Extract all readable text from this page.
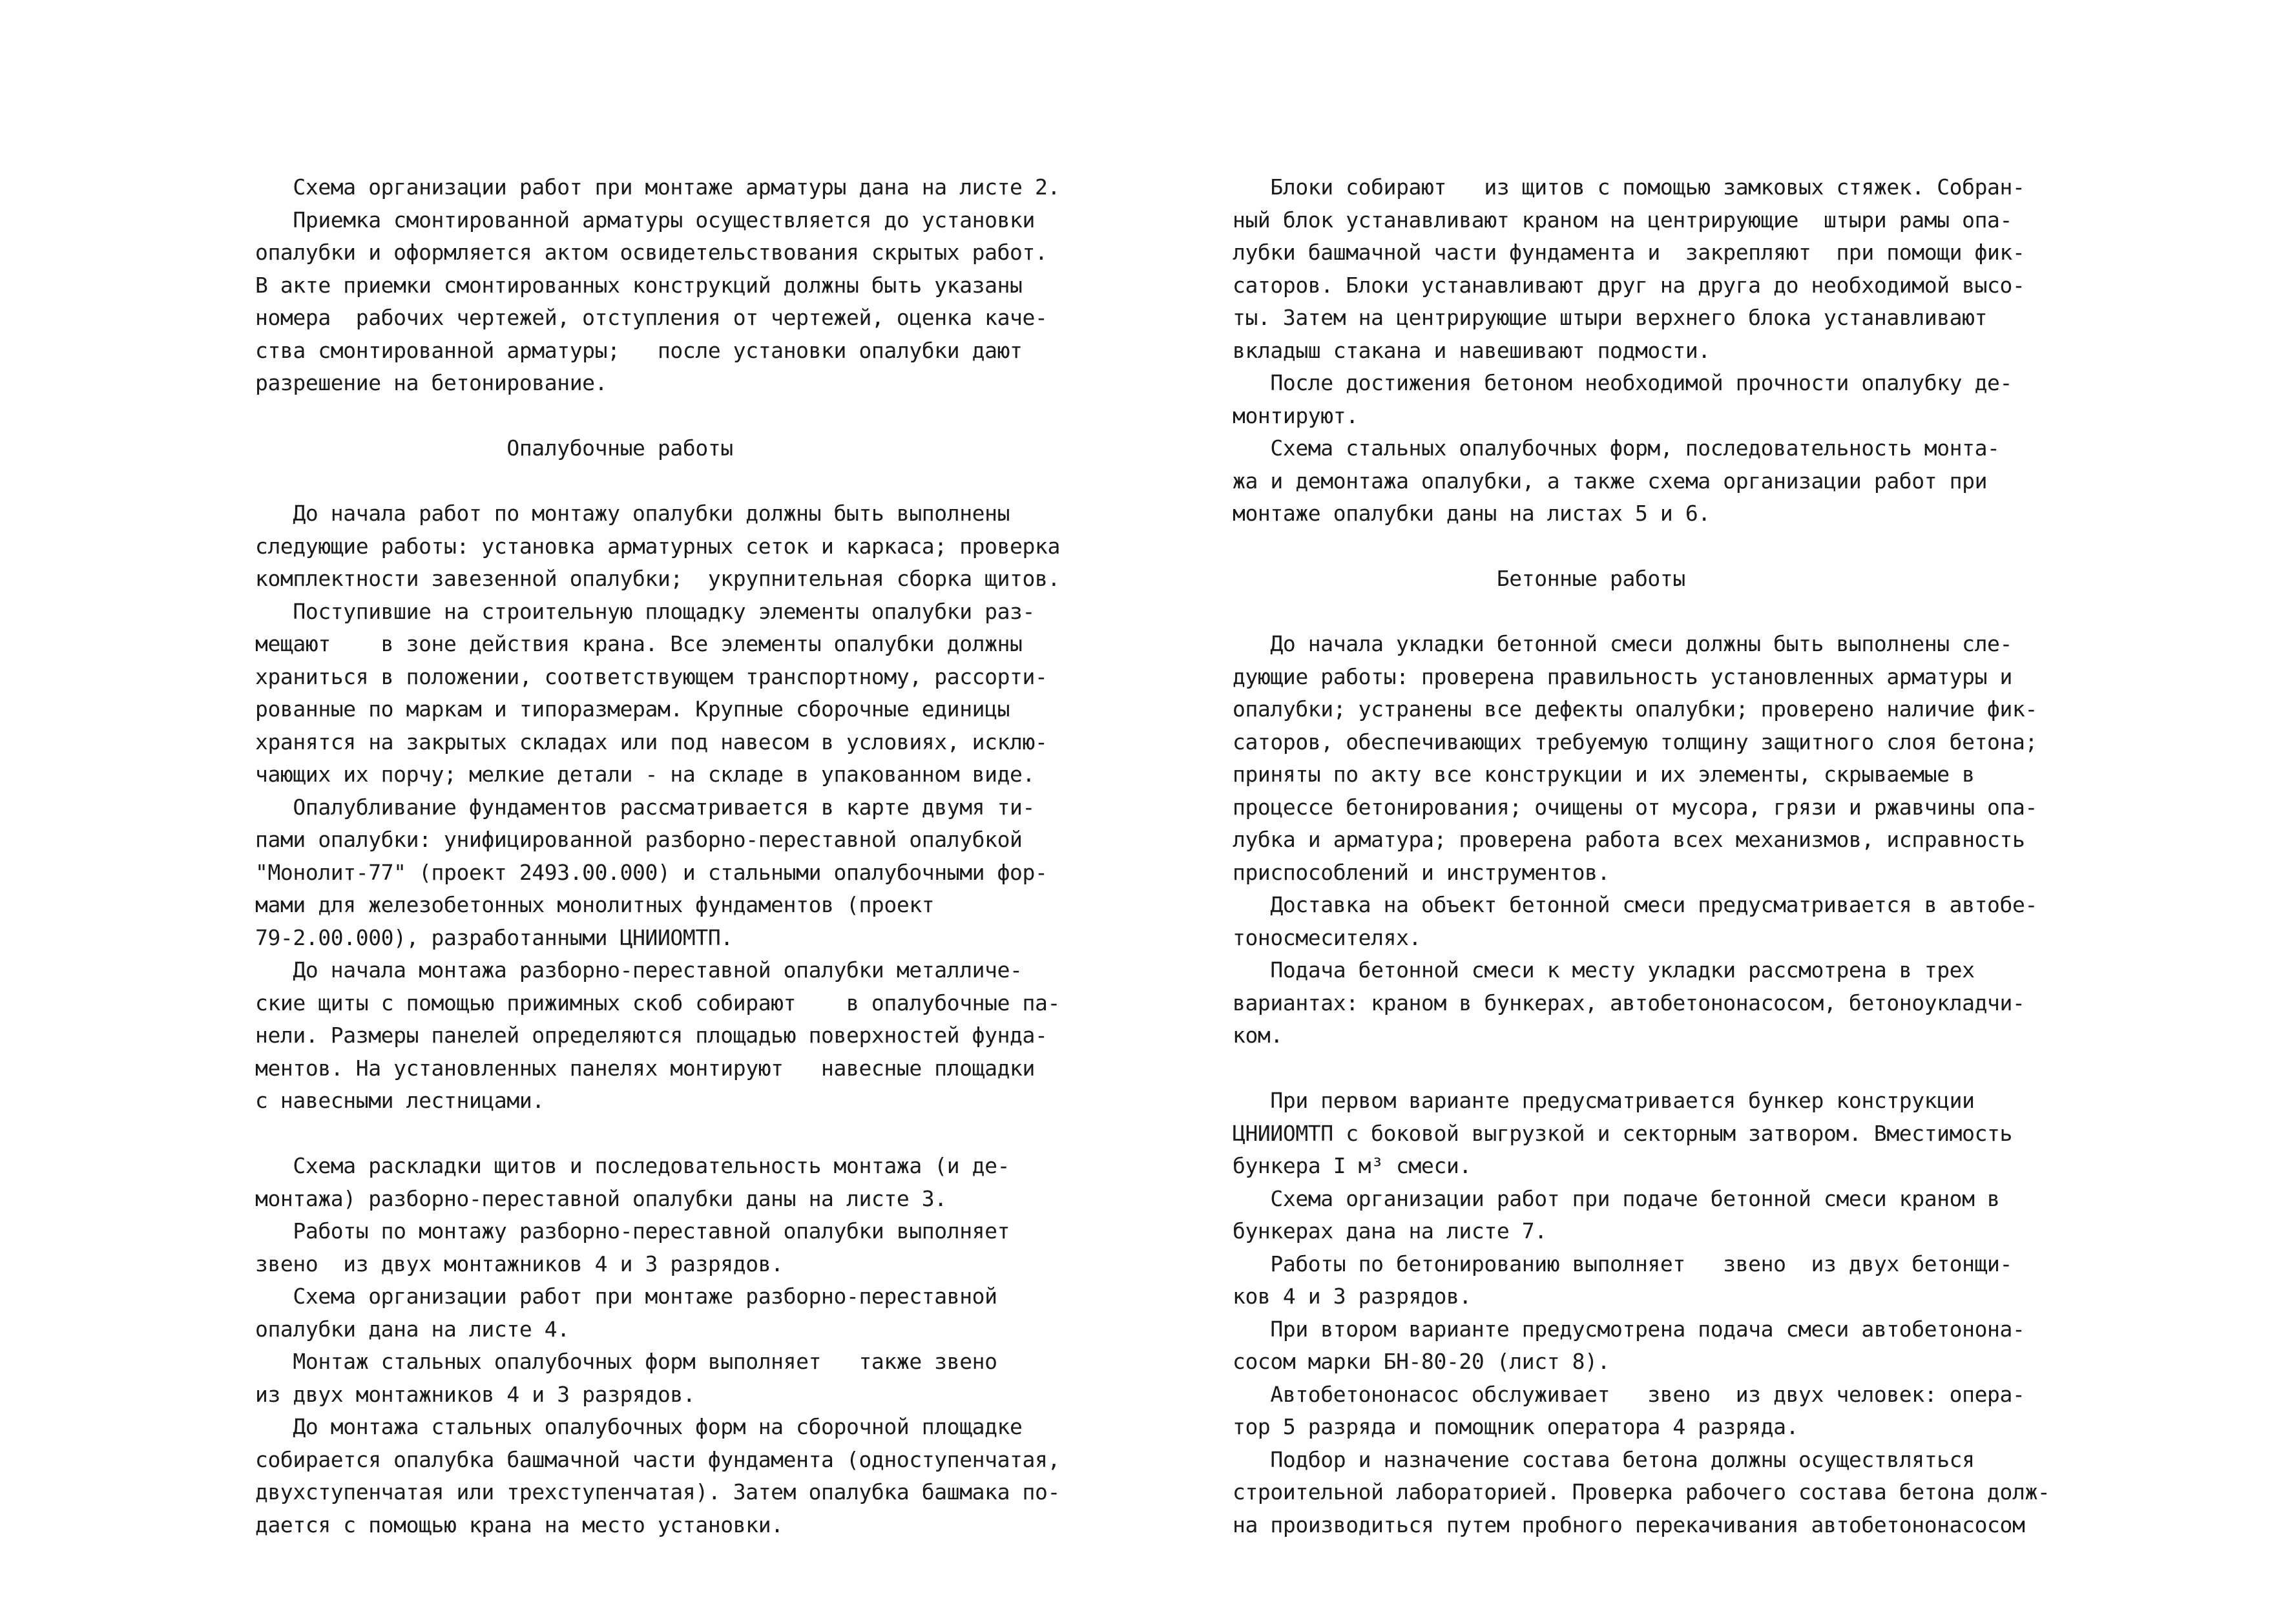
Схема организации работ при монтаже арматуры дана на листе 2.
Приемка смонтированной арматуры осуществляется до установки
опалубки и оформляется актом освидетельствования скрытых работ.
В акте приемки смонтированных конструкций должны быть указаны
номера  рабочих чертежей, отступления от чертежей, оценка каче-
ства смонтированной арматуры;   после установки опалубки дают
разрешение на бетонирование.
Опалубочные работы
До начала работ по монтажу опалубки должны быть выполнены
следующие работы: установка арматурных сеток и каркаса; проверка
комплектности завезенной опалубки;  укрупнительная сборка щитов.
Поступившие на строительную площадку элементы опалубки раз-
мещают    в зоне действия крана. Все элементы опалубки должны
храниться в положении, соответствующем транспортному, рассорти-
рованные по маркам и типоразмерам. Крупные сборочные единицы
хранятся на закрытых складах или под навесом в условиях, исклю-
чающих их порчу; мелкие детали - на складе в упакованном виде.
Опалубливание фундаментов рассматривается в карте двумя ти-
пами опалубки: унифицированной разборно-переставной опалубкой
"Монолит-77" (проект 2493.00.000) и стальными опалубочными фор-
мами для железобетонных монолитных фундаментов (проект
79-2.00.000), разработанными ЦНИИОМТП.
До начала монтажа разборно-переставной опалубки металличе-
ские щиты с помощью прижимных скоб собирают    в опалубочные па-
нели. Размеры панелей определяются площадью поверхностей фунда-
ментов. На установленных панелях монтируют   навесные площадки
с навесными лестницами.
Схема раскладки щитов и последовательность монтажа (и де-
монтажа) разборно-переставной опалубки даны на листе 3.
Работы по монтажу разборно-переставной опалубки выполняет
звено  из двух монтажников 4 и 3 разрядов.
Схема организации работ при монтаже разборно-переставной
опалубки дана на листе 4.
Монтаж стальных опалубочных форм выполняет   также звено
из двух монтажников 4 и 3 разрядов.
До монтажа стальных опалубочных форм на сборочной площадке
собирается опалубка башмачной части фундамента (одноступенчатая,
двухступенчатая или трехступенчатая). Затем опалубка башмака по-
дается с помощью крана на место установки.
Блоки собирают   из щитов с помощью замковых стяжек. Собран-
ный блок устанавливают краном на центрирующие  штыри рамы опа-
лубки башмачной части фундамента и  закрепляют  при помощи фик-
саторов. Блоки устанавливают друг на друга до необходимой высо-
ты. Затем на центрирующие штыри верхнего блока устанавливают
вкладыш стакана и навешивают подмости.
После достижения бетоном необходимой прочности опалубку де-
монтируют.
Схема стальных опалубочных форм, последовательность монта-
жа и демонтажа опалубки, а также схема организации работ при
монтаже опалубки даны на листах 5 и 6.
Бетонные работы
До начала укладки бетонной смеси должны быть выполнены сле-
дующие работы: проверена правильность установленных арматуры и
опалубки; устранены все дефекты опалубки; проверено наличие фик-
саторов, обеспечивающих требуемую толщину защитного слоя бетона;
приняты по акту все конструкции и их элементы, скрываемые в
процессе бетонирования; очищены от мусора, грязи и ржавчины опа-
лубка и арматура; проверена работа всех механизмов, исправность
приспособлений и инструментов.
Доставка на объект бетонной смеси предусматривается в автобе-
тоносмесителях.
Подача бетонной смеси к месту укладки рассмотрена в трех
вариантах: краном в бункерах, автобетононасосом, бетоноукладчи-
ком.
При первом варианте предусматривается бункер конструкции
ЦНИИОМТП с боковой выгрузкой и секторным затвором. Вместимость
бункера I м³ смеси.
Схема организации работ при подаче бетонной смеси краном в
бункерах дана на листе 7.
Работы по бетонированию выполняет   звено  из двух бетонщи-
ков 4 и 3 разрядов.
При втором варианте предусмотрена подача смеси автобетонона-
сосом марки БН-80-20 (лист 8).
Автобетононасос обслуживает   звено  из двух человек: опера-
тор 5 разряда и помощник оператора 4 разряда.
Подбор и назначение состава бетона должны осуществляться
строительной лабораторией. Проверка рабочего состава бетона долж-
на производиться путем пробного перекачивания автобетононасосом
